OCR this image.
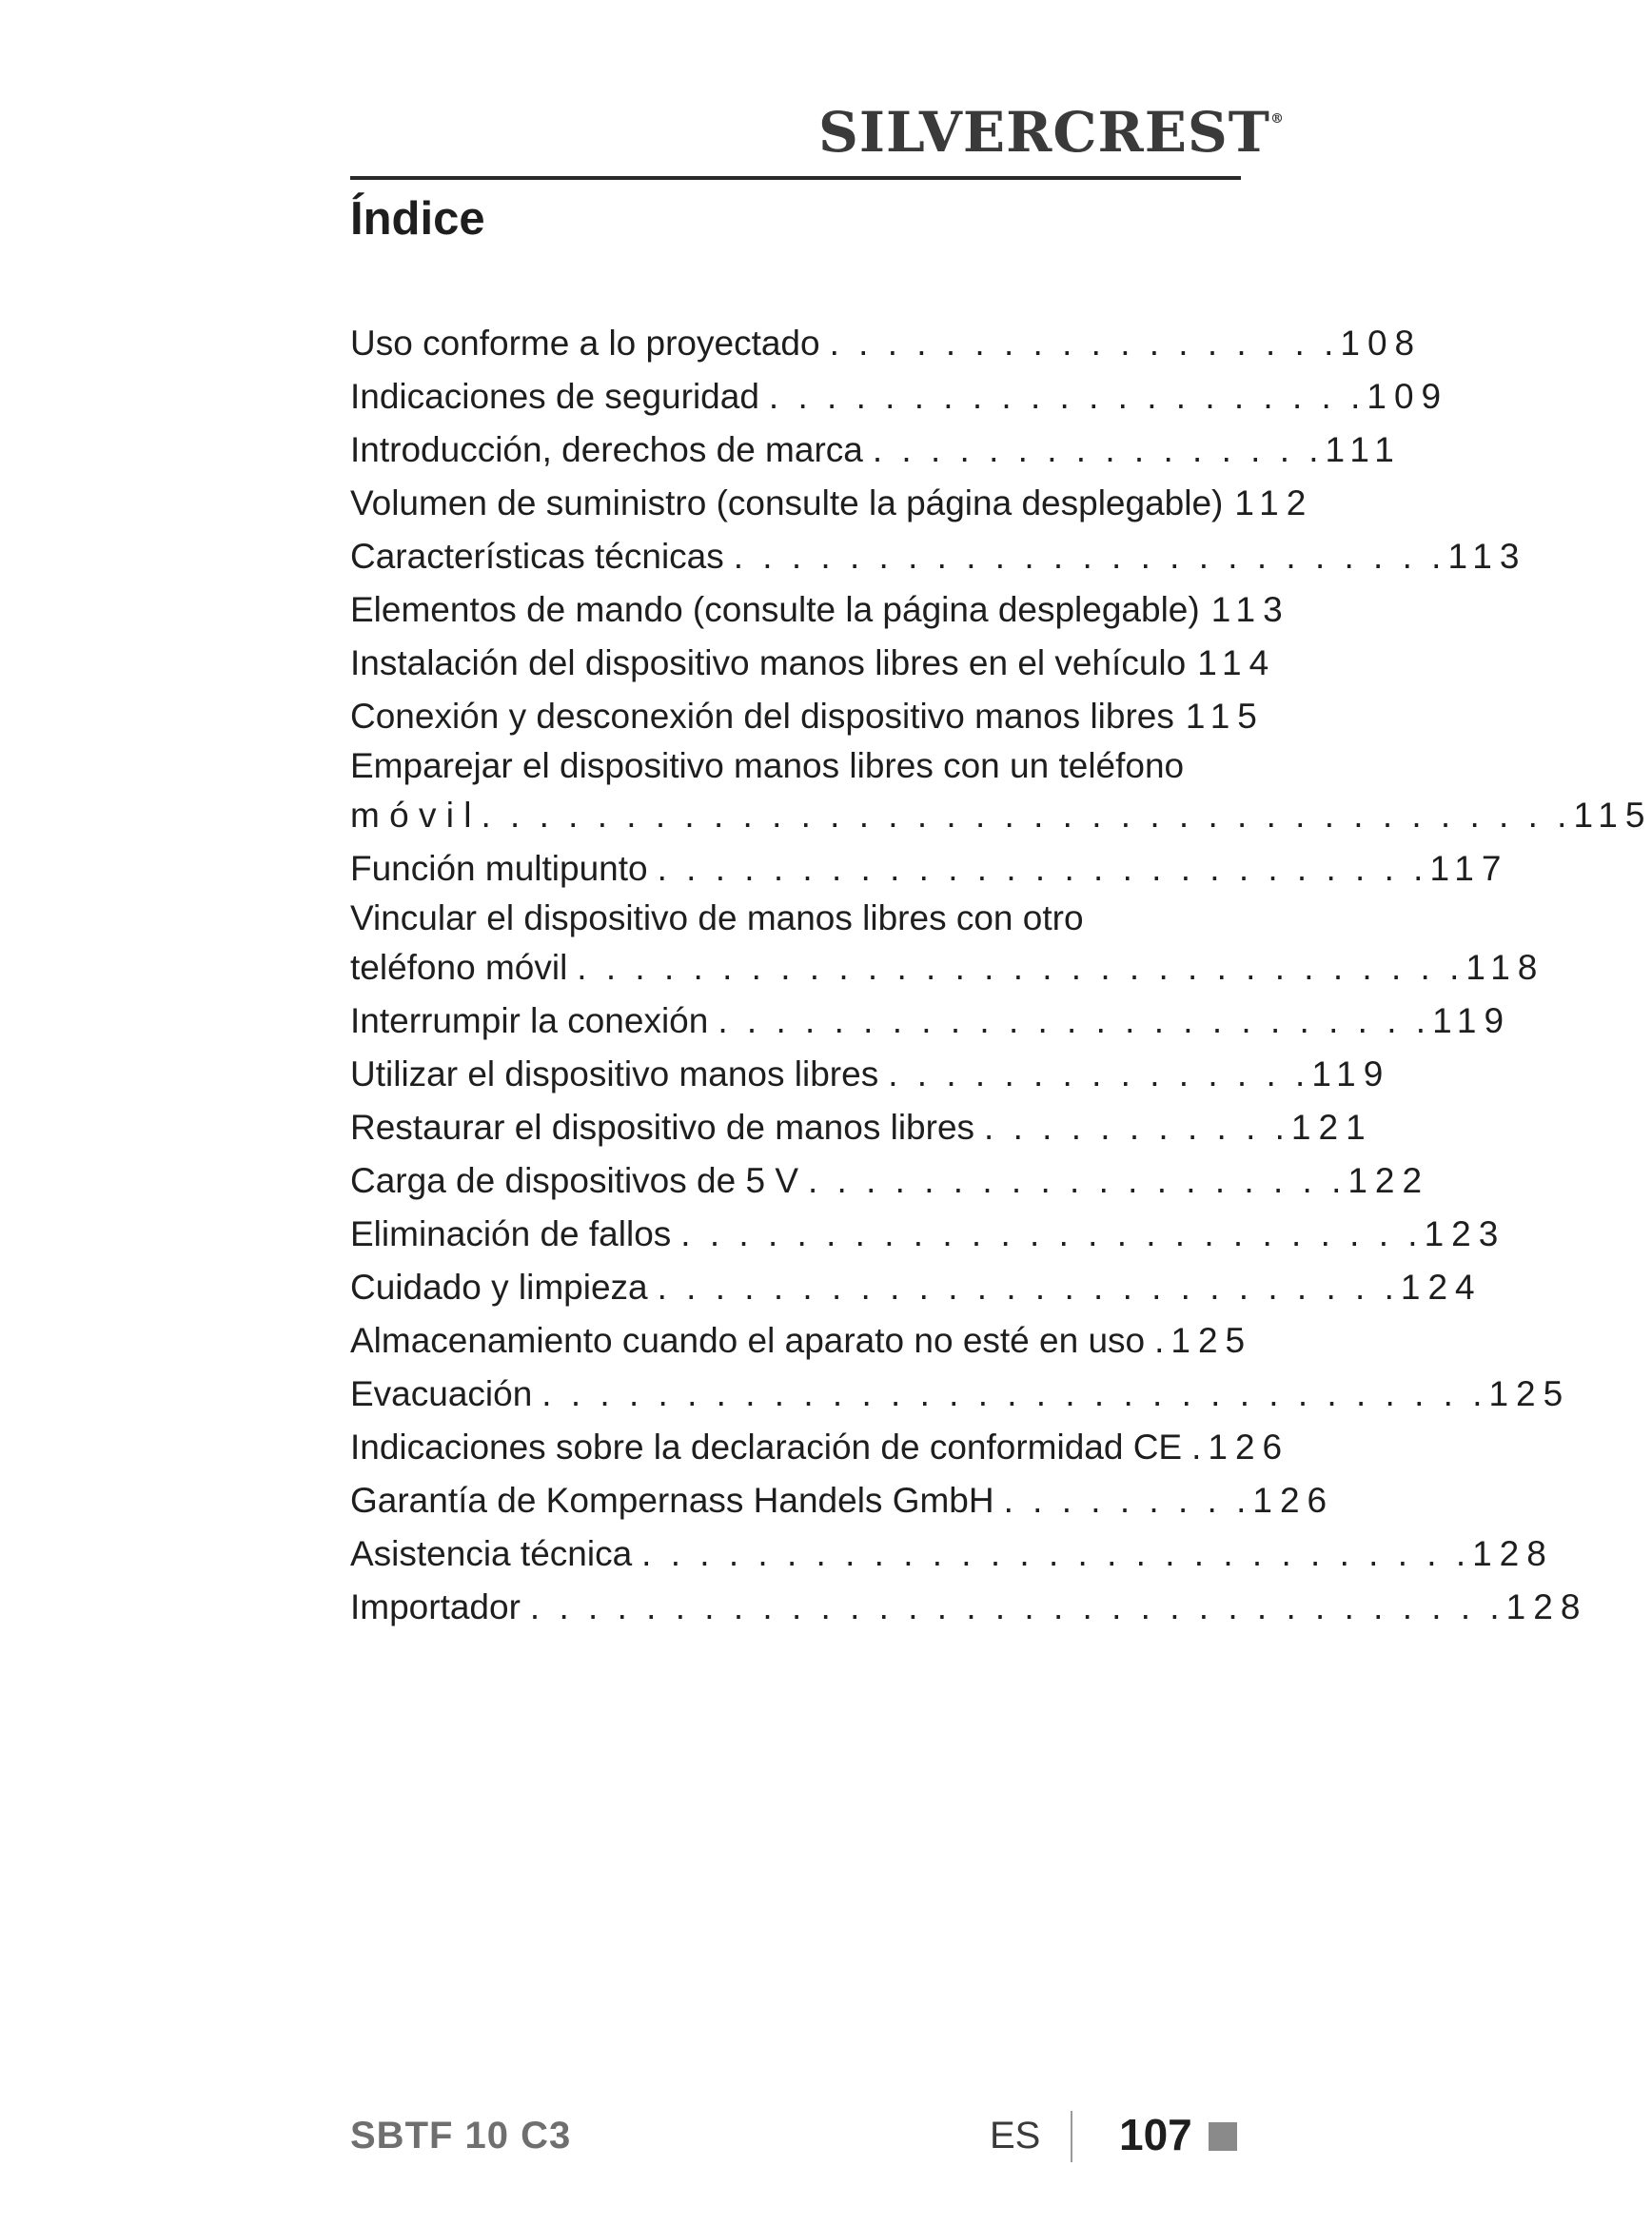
SILVERCREST®
Índice
Uso conforme a lo proyectado . . . . . . . . . . . . . . . . . . 108
Indicaciones de seguridad . . . . . . . . . . . . . . . . . . . . . 109
Introducción, derechos de marca . . . . . . . . . . . . . . . . 111
Volumen de suministro (consulte la página desplegable) 112
Características técnicas . . . . . . . . . . . . . . . . . . . . . . . . . 113
Elementos de mando (consulte la página desplegable) 113
Instalación del dispositivo manos libres en el vehículo 114
Conexión y desconexión del dispositivo manos libres 115
Emparejar el dispositivo manos libres con un teléfono
m ó v i l . . . . . . . . . . . . . . . . . . . . . . . . . . . . . . . . . . . . . . 115
Función multipunto . . . . . . . . . . . . . . . . . . . . . . . . . . . 117
Vincular el dispositivo de manos libres con otro
teléfono móvil . . . . . . . . . . . . . . . . . . . . . . . . . . . . . . . 118
Interrumpir la conexión . . . . . . . . . . . . . . . . . . . . . . . . . 119
Utilizar el dispositivo manos libres . . . . . . . . . . . . . . . 119
Restaurar el dispositivo de manos libres . . . . . . . . . . . 121
Carga de dispositivos de 5 V . . . . . . . . . . . . . . . . . . . 122
Eliminación de fallos . . . . . . . . . . . . . . . . . . . . . . . . . . 123
Cuidado y limpieza . . . . . . . . . . . . . . . . . . . . . . . . . . 124
Almacenamiento cuando el aparato no esté en uso . 125
Evacuación . . . . . . . . . . . . . . . . . . . . . . . . . . . . . . . . . 125
Indicaciones sobre la declaración de conformidad CE . 126
Garantía de Kompernass Handels GmbH . . . . . . . . . 126
Asistencia técnica . . . . . . . . . . . . . . . . . . . . . . . . . . . . . 128
Importador . . . . . . . . . . . . . . . . . . . . . . . . . . . . . . . . . . 128
SBTF 10 C3	ES 107
